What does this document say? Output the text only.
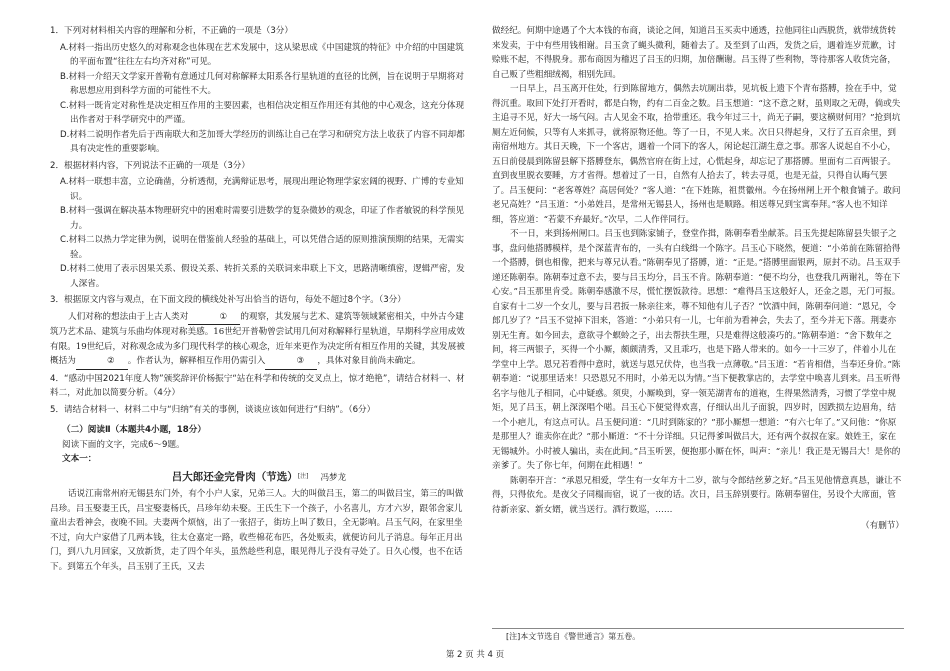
1．下列对材料相关内容的理解和分析，不正确的一项是（3分）

A.材料一指出历史悠久的对称观念也体现在艺术发展中，这从梁思成《中国建筑的特征》中介绍的中国建筑的平面布置“往往左右均齐对称”可见。

B.材料一介绍天文学家开普勒有意通过几何对称解释太阳系各行星轨道的直径的比例，旨在说明于早期将对称思想应用到科学方面的可能性不大。

C.材料一既肯定对称性是决定相互作用的主要因素，也相信决定相互作用还有其他的中心观念，这充分体现出作者对于科学研究中的严谨。

D.材料二说明作者先后于西南联大和芝加哥大学经历的训练让自己在学习和研究方法上收获了内容不同却都具有决定性的重要影响。

2．根据材料内容，下列说法不正确的一项是（3分）

A.材料一联想丰富，立论确凿，分析透彻，充满辩证思考，展现出理论物理学家宏阔的视野、广博的专业知识。

B.材料一强调在解决基本物理研究中的困难时需要引进数学的复杂微妙的观念，印证了作者敏锐的科学预见力。

C.材料二以热力学定律为例，说明在借鉴前人经验的基础上，可以凭借合适的原则推演预期的结果，无需实验。

D.材料二使用了表示因果关系、假设关系、转折关系的关联词来串联上下文，思路清晰缜密，逻辑严密，发人深省。

3．根据原文内容与观点，在下面文段的横线处补写出恰当的语句，每处不超过8个字。（3分）

人们对称的想法由于上古人类对	① 的观察，其发展与艺术、建筑等领域紧密相关，中外古今建筑乃艺术品、建筑与乐曲均体现对称美感。16世纪开普勒曾尝试用几何对称解释行星轨道，早期科学应用成效有限。19世纪后，对称观念成为多门现代科学的核心观念，近年来更作为决定所有相互作用的关键，其发展被概括为	② 。作者认为，解释相互作用仍需引入	③ ，具体对象目前尚未确定。

4．“感动中国2021年度人物”颁奖辞评价杨振宁“站在科学和传统的交叉点上，惊才绝艳”，请结合材料一、材料二，对此加以简要分析。（4分）

5．请结合材料一、材料二中与“归纳”有关的事例，谈谈应该如何进行“归纳”。（6分）

（二）阅读Ⅱ（本题共4小题，18分）

阅读下面的文字，完成6～9题。

文本一：

吕大郎还金完骨肉（节选）[注] 冯梦龙

话说江南常州府无锡县东门外，有个小户人家，兄弟三人。大的叫做吕玉，第二的叫做吕宝，第三的叫做吕珍。吕玉娶妻王氏，吕宝娶妻杨氏，吕珍年幼未娶。王氏生下一个孩子，小名喜儿，方才六岁，跟邻舍家儿童出去看神会，夜晚不回。夫妻两个烦恼，出了一张招子，街坊上叫了数日，全无影响。吕玉气闷，在家里坐不过，向大户家借了几两本钱，往太仓嘉定一路，收些棉花布匹，各处贩卖，就便访问儿子消息。每年正月出门，到八九月回家，又放新货，走了四个年头，虽然趁些利息，眼见得儿子没有寻处了。日久心慢，也不在话下。到第五个年头，吕玉别了王氏，又去

做经纪。何期中途遇了个大本钱的布商，谈论之间，知道吕玉买卖中通透，拉他同往山西脱货，就带绒货转来发卖，于中有些用钱相谢。吕玉贪了蝇头微利，随着去了。及至到了山西，发货之后，遇着连岁荒歉，讨赊账不起，不得脱身。那布商因为稽迟了吕玉的归期，加倍酬谢。吕玉得了些利物，等待那客人收货完备，自己贩了些粗细绒褐，相别先回。

一日早上，吕玉离开住处，行到陈留地方，偶然去坑厕出恭，见坑板上遗下个青布搭膊，捡在手中，觉得沉重。取回下处打开看时，都是白物，约有二百金之数。吕玉想道：“这不意之财，虽则取之无碍，倘或失主追寻不见，好大一场气闷。古人见金不取，拾带重还。我今年过三十，尚无子嗣，要这横财何用？”抢到坑厕左近伺候，只等有人来抓寻，就将原物还他。等了一日，不见人来。次日只得起身，又行了五百余里，到南宿州地方。其日天晚，下一个客店，遇着一个同下的客人，闲论起江湖生意之事。那客人说起自不小心，五日前侵晨到陈留县解下搭膊登东，偶然官府在街上过，心慌起身，却忘记了那搭膊。里面有二百两银子。直到夜里脱衣要睡，方才省得。想着过了一日，自然有人拾去了，转去寻觅，也是无益，只得自认晦气罢了。吕玉便问：“老客尊姓？高居何处？”客人道：“在下姓陈，祖贯徽州。今在扬州闸上开个粮食铺子。敢问老兄高姓？”吕玉道：“小弟姓吕，是常州无锡县人，扬州也是顺路。相送尊兄到宝寓奉拜。”客人也不知详细，答应道：“若蒙不弃最好。”次早，二人作伴同行。

不一日，来到扬州闸口。吕玉也到陈家铺子，登堂作揖，陈朝奉看坐献茶。吕玉先提起陈留县失银子之事，盘问他搭膊模样，是个深蓝青布的，一头有白线缉一个陈字。吕玉心下晓然，便道：“小弟前在陈留拾得一个搭膊，倒也相像，把来与尊兄认看。”陈朝奉见了搭膊，道：“正是。”搭膊里面银两，原封不动。吕玉双手递还陈朝奉。陈朝奉过意不去，要与吕玉均分，吕玉不肯。陈朝奉道：“便不均分，也登我几两谢礼，等在下心安。”吕玉那里肯受。陈朝奉感激不尽，慌忙摆饭款待。思想：“难得吕玉这般好人，还金之恩，无门可报。自家有十二岁一个女儿，要与吕君扳一脉亲往来，尊不知他有儿子否？”饮酒中间，陈朝奉问道：“恩兄，令郎几岁了？”吕玉不觉掉下泪来，答道：“小弟只有一儿，七年前为看神会，失去了，至今并无下落。荆妻亦别无生育。如今回去，意欲寻个螟蛉之子，出去帮扶生理，只是难得这般凑巧的。”陈朝奉道：“舍下数年之间，将三两银子，买得一个小厮，颇颇清秀，又且乖巧，也是下路人带来的。如今一十三岁了，伴着小儿在学堂中上学。恩兄若看得中意时，就送与恩兄伏侍，也当我一点薄敬。”吕玉道：“若肯相借，当奉还身价。”陈朝奉道：“说那里话来！只恐恩兄不用时，小弟无以为情。”当下便教掌店的，去学堂中唤喜儿到来。吕玉听得名字与他儿子相同，心中疑惑。须臾，小厮唤到，穿一领芜湖青布的道袍，生得果然清秀，习惯了学堂中规矩，见了吕玉，朝上深深唱个喏。吕玉心下便觉得欢喜，仔细认出儿子面貌，四岁时，因跌损左边眉角，结一个小疤儿，有这点可认。吕玉便问道：“几时到陈家的？”那小厮想一想道：“有六七年了。”又问他：“你原是那里人？谁卖你在此？”那小厮道：“不十分详细。只记得爹叫做吕大，还有两个叔叔在家。娘姓王，家在无锡城外。小时被人骗出，卖在此间。”吕玉听罢，便抱那小厮在怀，叫声：“亲儿！我正是无锡吕大！是你的亲爹了。失了你七年，何期在此相遇！”

陈朝奉开言：“承恩兄相爱，学生有一女年方十二岁，欲与令郎结丝萝之好。”吕玉见他情意真恳，谦让不得，只得依允。是夜父子同榻而宿，说了一夜的话。次日，吕玉辞别要行。陈朝奉留住，另设个大席面，管待新亲家、新女婿，就当送行。酒行数巡，……

（有删节）

[注]本文节选自《警世通言》第五卷。
第 2 页 共 4 页
